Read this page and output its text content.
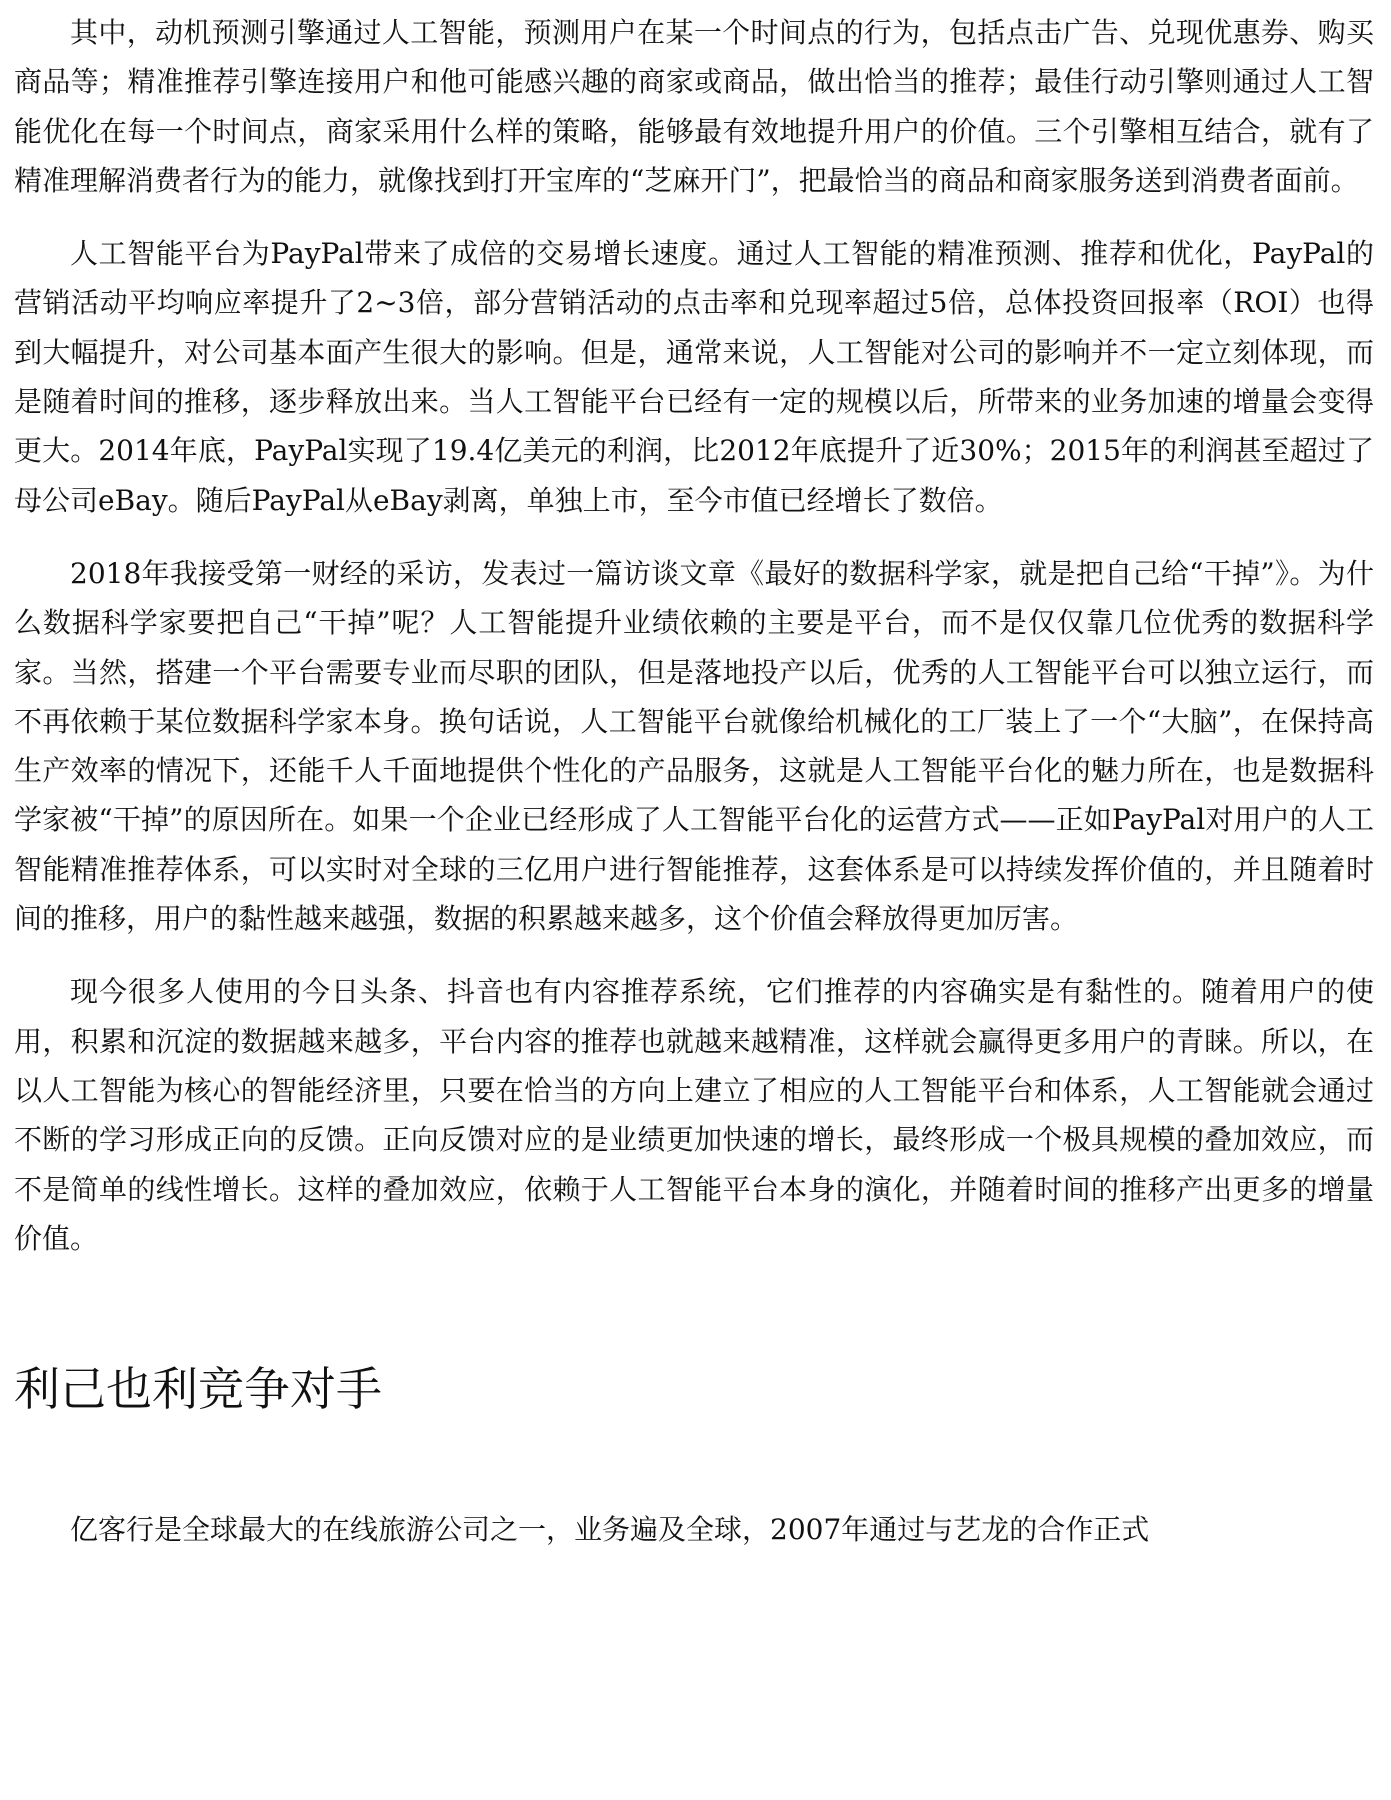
其中，动机预测引擎通过人工智能，预测用户在某一个时间点的行为，包括点击广告、兑现优惠券、购买商品等；精准推荐引擎连接用户和他可能感兴趣的商家或商品，做出恰当的推荐；最佳行动引擎则通过人工智能优化在每一个时间点，商家采用什么样的策略，能够最有效地提升用户的价值。三个引擎相互结合，就有了精准理解消费者行为的能力，就像找到打开宝库的“芝麻开门”，把最恰当的商品和商家服务送到消费者面前。

人工智能平台为PayPal带来了成倍的交易增长速度。通过人工智能的精准预测、推荐和优化，PayPal的营销活动平均响应率提升了2~3倍，部分营销活动的点击率和兑现率超过5倍，总体投资回报率（ROI）也得到大幅提升，对公司基本面产生很大的影响。但是，通常来说，人工智能对公司的影响并不一定立刻体现，而是随着时间的推移，逐步释放出来。当人工智能平台已经有一定的规模以后，所带来的业务加速的增量会变得更大。2014年底，PayPal实现了19.4亿美元的利润，比2012年底提升了近30%；2015年的利润甚至超过了母公司eBay。随后PayPal从eBay剥离，单独上市，至今市值已经增长了数倍。

2018年我接受第一财经的采访，发表过一篇访谈文章《最好的数据科学家，就是把自己给“干掉”》。为什么数据科学家要把自己“干掉”呢？人工智能提升业绩依赖的主要是平台，而不是仅仅靠几位优秀的数据科学家。当然，搭建一个平台需要专业而尽职的团队，但是落地投产以后，优秀的人工智能平台可以独立运行，而不再依赖于某位数据科学家本身。换句话说，人工智能平台就像给机械化的工厂装上了一个“大脑”，在保持高生产效率的情况下，还能千人千面地提供个性化的产品服务，这就是人工智能平台化的魅力所在，也是数据科学家被“干掉”的原因所在。如果一个企业已经形成了人工智能平台化的运营方式——正如PayPal对用户的人工智能精准推荐体系，可以实时对全球的三亿用户进行智能推荐，这套体系是可以持续发挥价值的，并且随着时间的推移，用户的黏性越来越强，数据的积累越来越多，这个价值会释放得更加厉害。

现今很多人使用的今日头条、抖音也有内容推荐系统，它们推荐的内容确实是有黏性的。随着用户的使用，积累和沉淀的数据越来越多，平台内容的推荐也就越来越精准，这样就会赢得更多用户的青睐。所以，在以人工智能为核心的智能经济里，只要在恰当的方向上建立了相应的人工智能平台和体系，人工智能就会通过不断的学习形成正向的反馈。正向反馈对应的是业绩更加快速的增长，最终形成一个极具规模的叠加效应，而不是简单的线性增长。这样的叠加效应，依赖于人工智能平台本身的演化，并随着时间的推移产出更多的增量价值。

利己也利竞争对手

亿客行是全球最大的在线旅游公司之一，业务遍及全球，2007年通过与艺龙的合作正式
